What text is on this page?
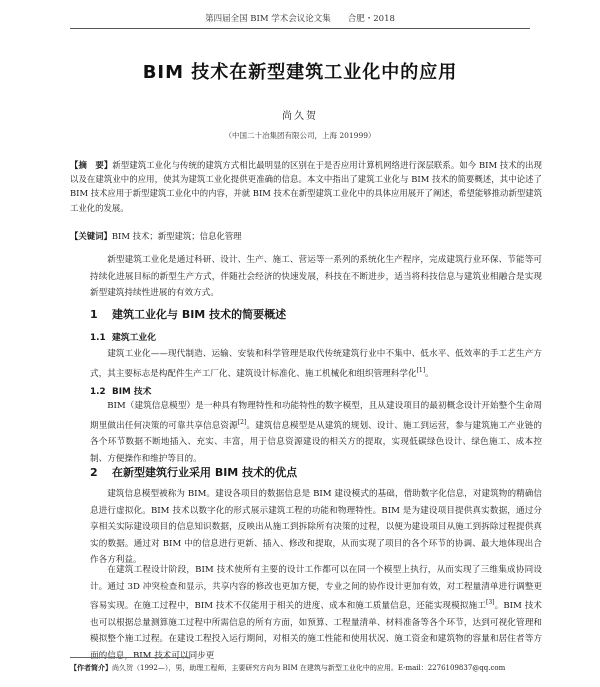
第四届全国 BIM 学术会议论文集　　合肥・2018
BIM 技术在新型建筑工业化中的应用
尚久贺
（中国二十冶集团有限公司，上海 201999）
【摘　要】新型建筑工业化与传统的建筑方式相比最明显的区别在于是否应用计算机网络进行深层联系。如今 BIM 技术的出现以及在建筑业中的应用，使其为建筑工业化提供更准确的信息。本文中指出了建筑工业化与 BIM 技术的简要概述，其中论述了 BIM 技术应用于新型建筑工业化中的内容，并就 BIM 技术在新型建筑工业化中的具体应用展开了阐述，希望能够推动新型建筑工业化的发展。
【关键词】BIM 技术；新型建筑；信息化管理

新型建筑工业化是通过科研、设计、生产、施工、营运等一系列的系统化生产程序，完成建筑行业环保、节能等可持续化进展目标的新型生产方式，伴随社会经济的快速发展，科技在不断进步，适当将科技信息与建筑业相融合是实现新型建筑持续性进展的有效方式。

1 建筑工业化与 BIM 技术的简要概述
1.1 建筑工业化

建筑工业化——现代制造、运输、安装和科学管理是取代传统建筑行业中不集中、低水平、低效率的手工艺生产方式，其主要标志是构配件生产工厂化、建筑设计标准化、施工机械化和组织管理科学化[1]。

1.2 BIM 技术

BIM（建筑信息模型）是一种具有物理特性和功能特性的数字模型，且从建设项目的最初概念设计开始整个生命周期里做出任何决策的可靠共享信息资源[2]。建筑信息模型是从建筑的规划、设计、施工到运营，参与建筑施工产业链的各个环节数据不断地插入、充实、丰富，用于信息资源建设的相关方的提取，实现低碳绿色设计、绿色施工、成本控制、方便操作和维护等目的。

2 在新型建筑行业采用 BIM 技术的优点

建筑信息模型被称为 BIM。建设各项目的数据信息是 BIM 建设模式的基础，借助数字化信息，对建筑物的精确信息进行虚拟化。BIM 技术以数字化的形式展示建筑工程的功能和物理特性。BIM 是为建设项目提供真实数据，通过分享相关实际建设项目的信息知识数据，反映出从施工到拆除所有决策的过程，以便为建设项目从施工到拆除过程提供真实的数据。通过对 BIM 中的信息进行更新、插入、修改和提取，从而实现了项目的各个环节的协调、最大地体现出合作各方利益。

在建筑工程设计阶段，BIM 技术使所有主要的设计工作都可以在同一个模型上执行，从而实现了三维集成协同设计。通过 3D 冲突检查和显示，共享内容的修改也更加方便，专业之间的协作设计更加有效，对工程量清单进行调整更容易实现。在施工过程中，BIM 技术不仅能用于相关的进度、成本和施工质量信息，还能实现模拟施工[3]。BIM 技术也可以根据总量测算施工过程中所需信息的所有方面，如预算、工程量清单、材料准备等各个环节，达到可视化管理和模拟整个施工过程。在建设工程投入运行期间，对相关的施工性能和使用状况、施工资金和建筑物的容量和居住者等方面的信息，BIM 技术可以同步更

【作者简介】尚久贺（1992—），男，助理工程师，主要研究方向为 BIM 在建筑与新型工业化中的应用。E-mail：2276109837@qq.com
